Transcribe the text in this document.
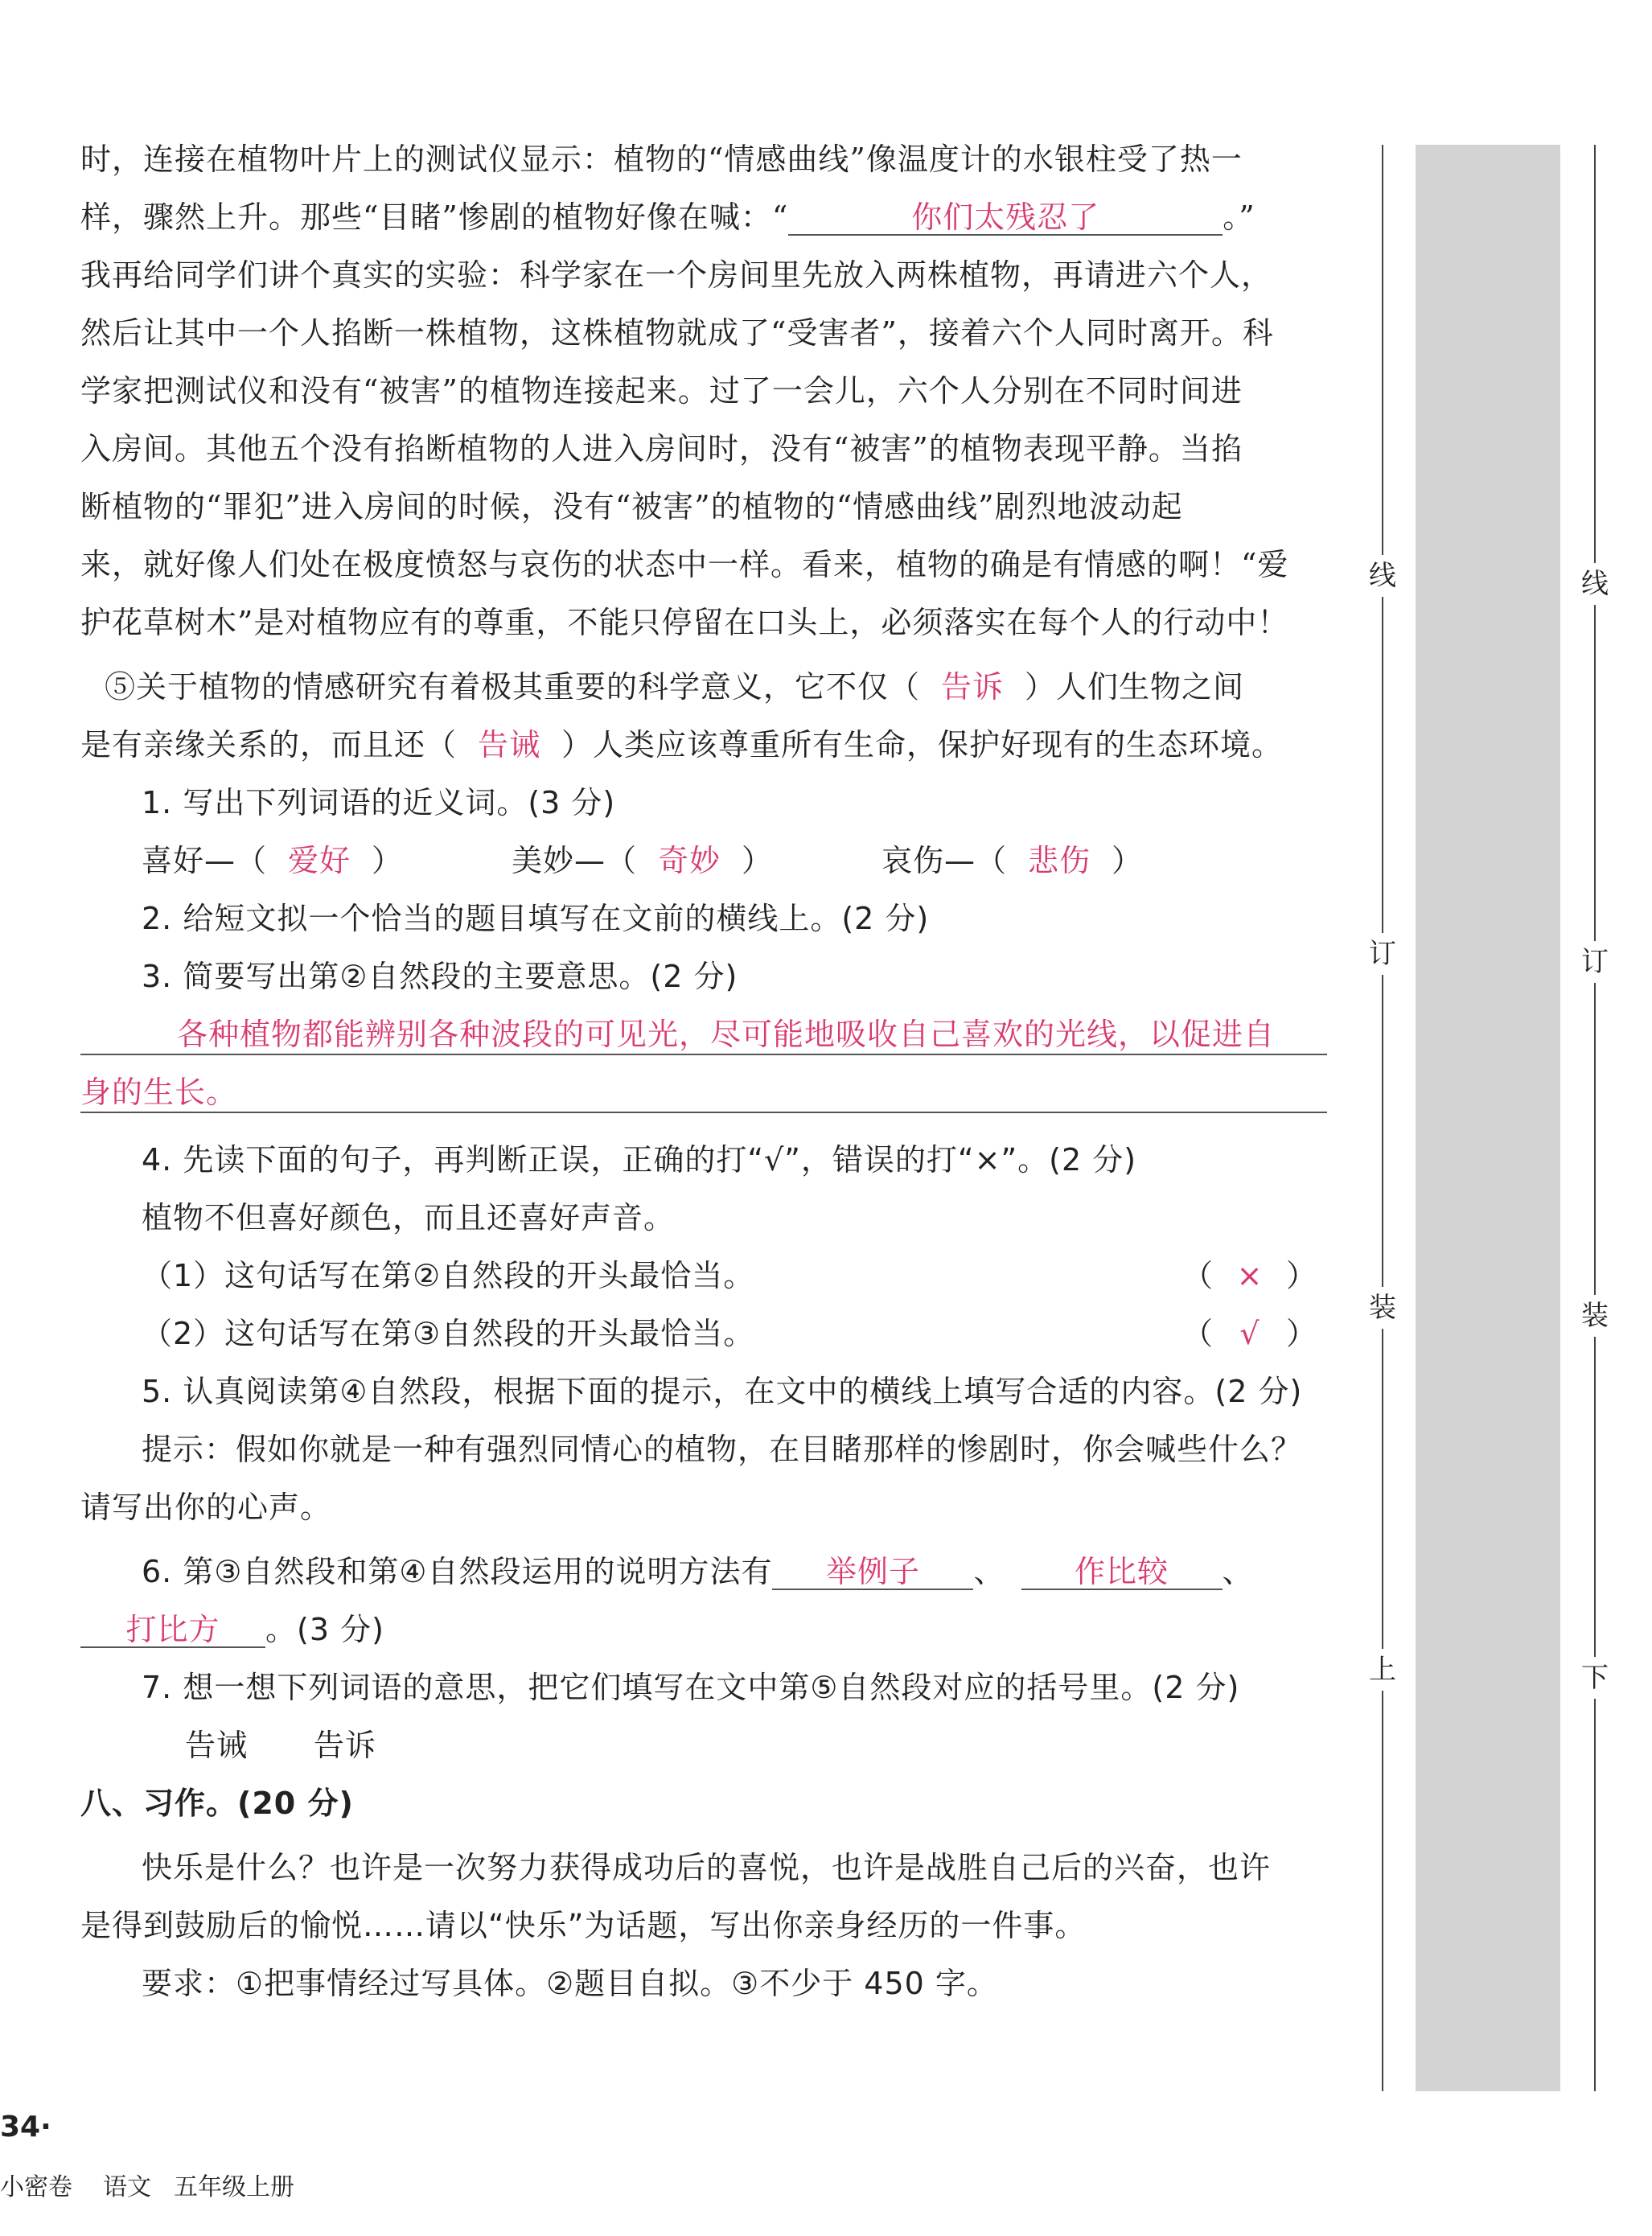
时，连接在植物叶片上的测试仪显示：植物的“情感曲线”像温度计的水银柱受了热一
样，骤然上升。那些“目睹”惨剧的植物好像在喊：“	你们太残忍了	。”
我再给同学们讲个真实的实验：科学家在一个房间里先放入两株植物，再请进六个人，
然后让其中一个人掐断一株植物，这株植物就成了“受害者”，接着六个人同时离开。科
学家把测试仪和没有“被害”的植物连接起来。过了一会儿，六个人分别在不同时间进
入房间。其他五个没有掐断植物的人进入房间时，没有“被害”的植物表现平静。当掐
断植物的“罪犯”进入房间的时候，没有“被害”的植物的“情感曲线”剧烈地波动起
来，就好像人们处在极度愤怒与哀伤的状态中一样。看来，植物的确是有情感的啊！“爱
护花草树木”是对植物应有的尊重，不能只停留在口头上，必须落实在每个人的行动中！
⑤关于植物的情感研究有着极其重要的科学意义，它不仅（ 告诉 ）人们生物之间
是有亲缘关系的，而且还（ 告诫 ）人类应该尊重所有生命，保护好现有的生态环境。
1. 写出下列词语的近义词。(3 分)
喜好—（ 爱好 ）	美妙—（ 奇妙 ）	哀伤—（ 悲伤 ）
2. 给短文拟一个恰当的题目填写在文前的横线上。(2 分)
3. 简要写出第②自然段的主要意思。(2 分)
各种植物都能辨别各种波段的可见光，尽可能地吸收自己喜欢的光线，以促进自
身的生长。
4. 先读下面的句子，再判断正误，正确的打“√”，错误的打“×”。(2 分)
植物不但喜好颜色，而且还喜好声音。
（1）这句话写在第②自然段的开头最恰当。	（ × ）
（2）这句话写在第③自然段的开头最恰当。	（ √ ）
5. 认真阅读第④自然段，根据下面的提示，在文中的横线上填写合适的内容。(2 分)
提示：假如你就是一种有强烈同情心的植物，在目睹那样的惨剧时，你会喊些什么？
请写出你的心声。
6. 第③自然段和第④自然段运用的说明方法有 举例子 、 作比较 、
打比方 。(3 分)
7. 想一想下列词语的意思，把它们填写在文中第⑤自然段对应的括号里。(2 分)
告诫 告诉
八、习作。(20 分)
快乐是什么？也许是一次努力获得成功后的喜悦，也许是战胜自己后的兴奋，也许
是得到鼓励后的愉悦……请以“快乐”为话题，写出你亲身经历的一件事。
要求：①把事情经过写具体。②题目自拟。③不少于 450 字。
线
订
装
上
线
订
装
下
34·
小密卷 语文 五年级上册
